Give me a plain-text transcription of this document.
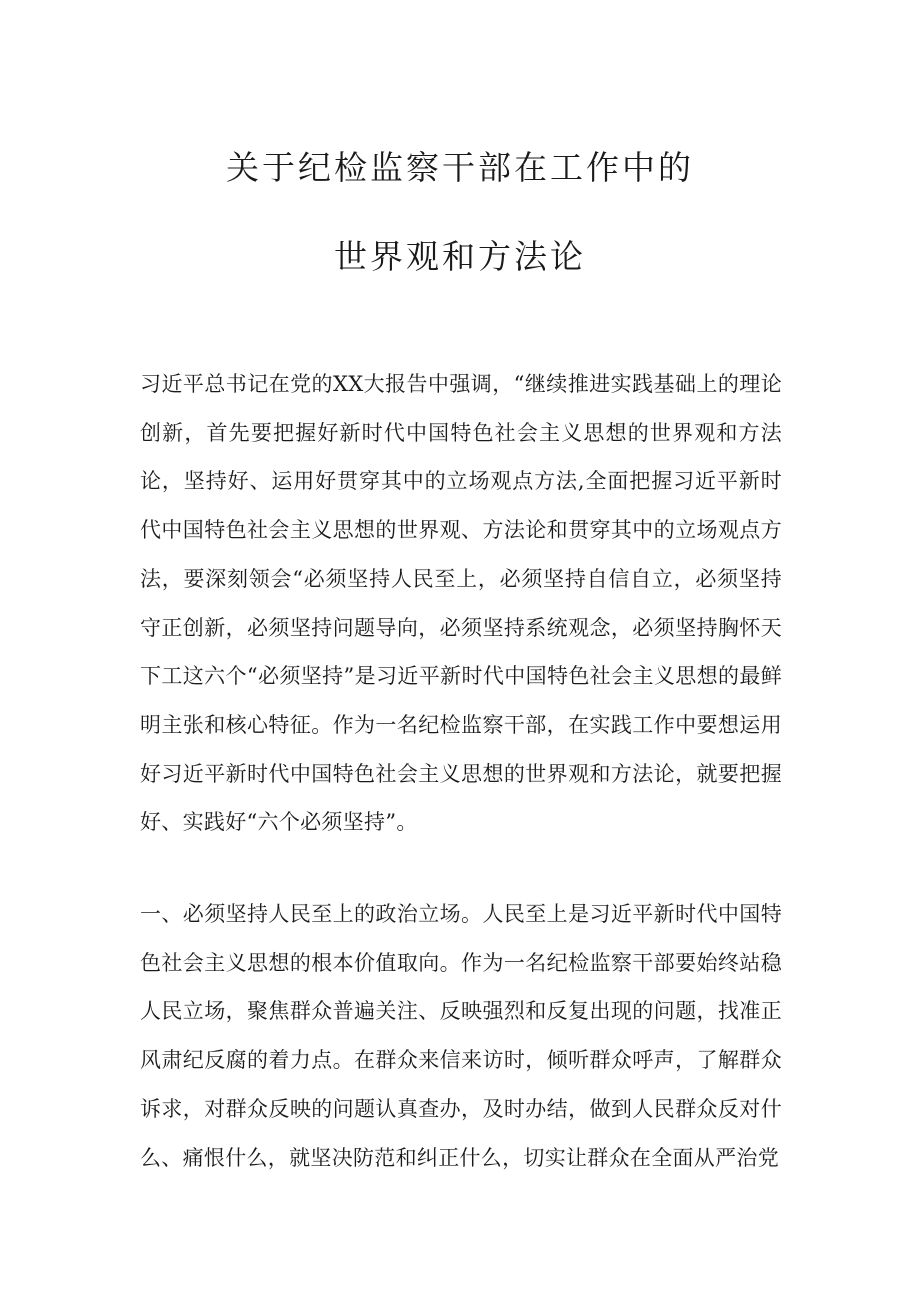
关于纪检监察干部在工作中的
世界观和方法论

习近平总书记在党的XX大报告中强调，“继续推进实践基础上的理论创新，首先要把握好新时代中国特色社会主义思想的世界观和方法论，坚持好、运用好贯穿其中的立场观点方法,全面把握习近平新时代中国特色社会主义思想的世界观、方法论和贯穿其中的立场观点方法，要深刻领会“必须坚持人民至上，必须坚持自信自立，必须坚持守正创新，必须坚持问题导向，必须坚持系统观念，必须坚持胸怀天下工这六个“必须坚持”是习近平新时代中国特色社会主义思想的最鲜明主张和核心特征。作为一名纪检监察干部，在实践工作中要想运用好习近平新时代中国特色社会主义思想的世界观和方法论，就要把握好、实践好“六个必须坚持”。

一、必须坚持人民至上的政治立场。人民至上是习近平新时代中国特色社会主义思想的根本价值取向。作为一名纪检监察干部要始终站稳人民立场，聚焦群众普遍关注、反映强烈和反复出现的问题，找准正风肃纪反腐的着力点。在群众来信来访时，倾听群众呼声，了解群众诉求，对群众反映的问题认真查办，及时办结，做到人民群众反对什么、痛恨什么，就坚决防范和纠正什么，切实让群众在全面从严治党
